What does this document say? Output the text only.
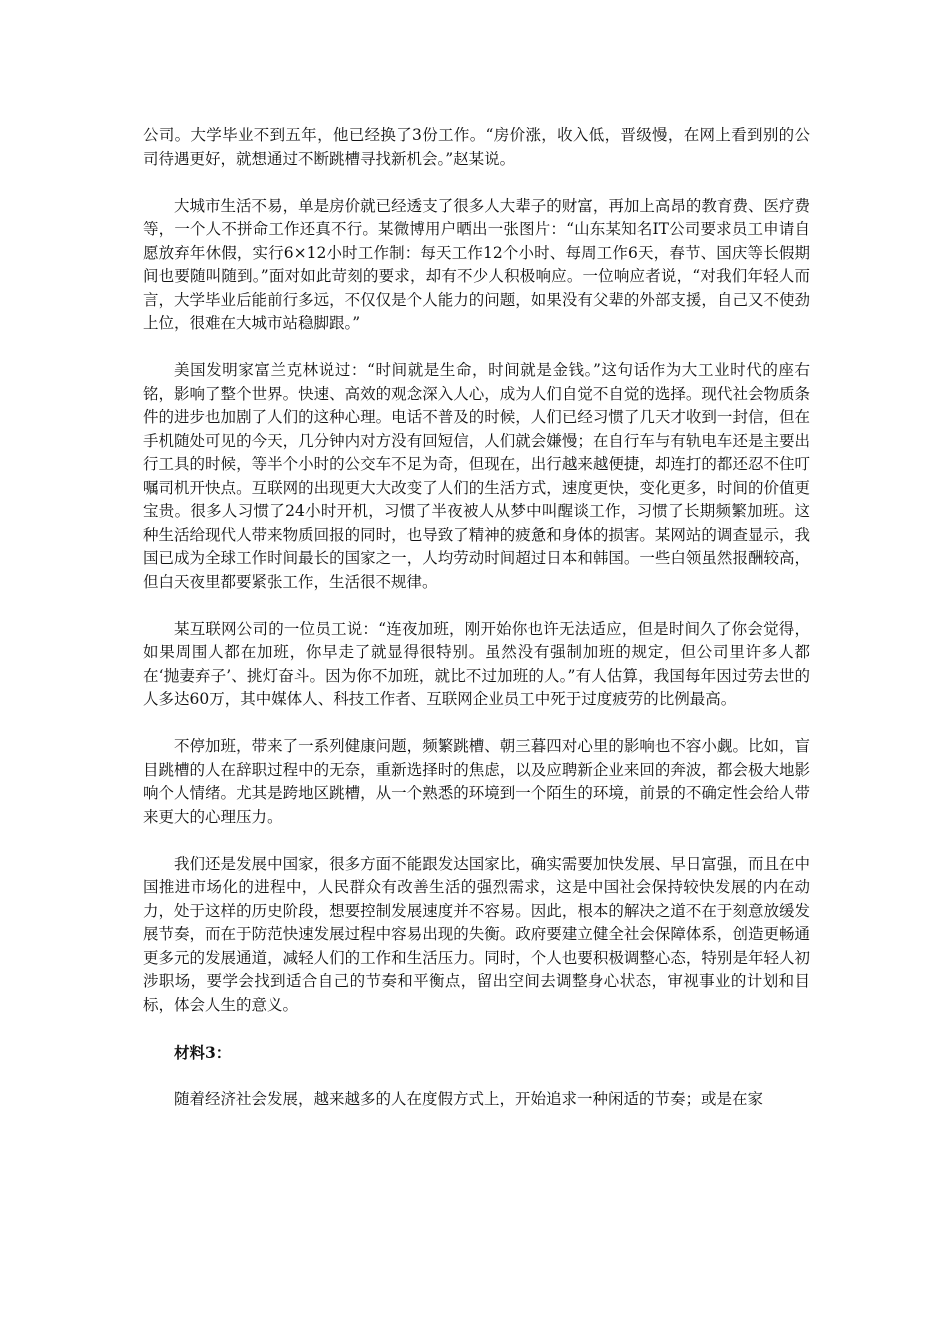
公司。大学毕业不到五年，他已经换了3份工作。“房价涨，收入低，晋级慢，在网上看到别的公司待遇更好，就想通过不断跳槽寻找新机会。”赵某说。

大城市生活不易，单是房价就已经透支了很多人大辈子的财富，再加上高昂的教育费、医疗费等，一个人不拼命工作还真不行。某微博用户晒出一张图片：“山东某知名IT公司要求员工申请自愿放弃年休假，实行6×12小时工作制：每天工作12个小时、每周工作6天，春节、国庆等长假期间也要随叫随到。”面对如此苛刻的要求，却有不少人积极响应。一位响应者说，“对我们年轻人而言，大学毕业后能前行多远，不仅仅是个人能力的问题，如果没有父辈的外部支援，自己又不使劲上位，很难在大城市站稳脚跟。”

美国发明家富兰克林说过：“时间就是生命，时间就是金钱。”这句话作为大工业时代的座右铭，影响了整个世界。快速、高效的观念深入人心，成为人们自觉不自觉的选择。现代社会物质条件的进步也加剧了人们的这种心理。电话不普及的时候，人们已经习惯了几天才收到一封信，但在手机随处可见的今天，几分钟内对方没有回短信，人们就会嫌慢；在自行车与有轨电车还是主要出行工具的时候，等半个小时的公交车不足为奇，但现在，出行越来越便捷，却连打的都还忍不住叮嘱司机开快点。互联网的出现更大大改变了人们的生活方式，速度更快，变化更多，时间的价值更宝贵。很多人习惯了24小时开机，习惯了半夜被人从梦中叫醒谈工作，习惯了长期频繁加班。这种生活给现代人带来物质回报的同时，也导致了精神的疲惫和身体的损害。某网站的调查显示，我国已成为全球工作时间最长的国家之一，人均劳动时间超过日本和韩国。一些白领虽然报酬较高，但白天夜里都要紧张工作，生活很不规律。

某互联网公司的一位员工说：“连夜加班，刚开始你也许无法适应，但是时间久了你会觉得，如果周围人都在加班，你早走了就显得很特别。虽然没有强制加班的规定，但公司里许多人都在‘抛妻弃子’、挑灯奋斗。因为你不加班，就比不过加班的人。”有人估算，我国每年因过劳去世的人多达60万，其中媒体人、科技工作者、互联网企业员工中死于过度疲劳的比例最高。

不停加班，带来了一系列健康问题，频繁跳槽、朝三暮四对心里的影响也不容小觑。比如，盲目跳槽的人在辞职过程中的无奈，重新选择时的焦虑，以及应聘新企业来回的奔波，都会极大地影响个人情绪。尤其是跨地区跳槽，从一个熟悉的环境到一个陌生的环境，前景的不确定性会给人带来更大的心理压力。

我们还是发展中国家，很多方面不能跟发达国家比，确实需要加快发展、早日富强，而且在中国推进市场化的进程中，人民群众有改善生活的强烈需求，这是中国社会保持较快发展的内在动力，处于这样的历史阶段，想要控制发展速度并不容易。因此，根本的解决之道不在于刻意放缓发展节奏，而在于防范快速发展过程中容易出现的失衡。政府要建立健全社会保障体系，创造更畅通更多元的发展通道，减轻人们的工作和生活压力。同时，个人也要积极调整心态，特别是年轻人初涉职场，要学会找到适合自己的节奏和平衡点，留出空间去调整身心状态，审视事业的计划和目标，体会人生的意义。

材料3：

随着经济社会发展，越来越多的人在度假方式上，开始追求一种闲适的节奏；或是在家
